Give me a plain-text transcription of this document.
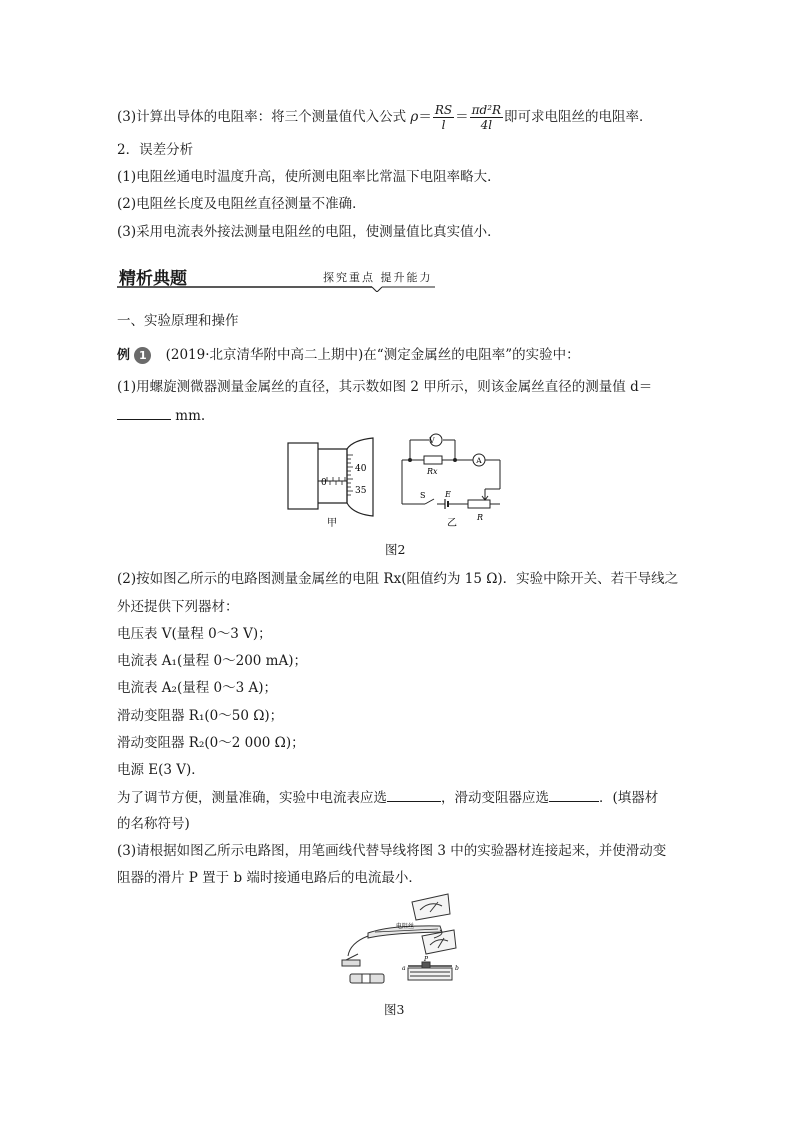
(3)计算出导体的电阻率：将三个测量值代入公式 $\rho= \frac{RS}{l} = \frac{\text{πd²R}}{4l}$ 即可求电阻丝的电阻率．
2．误差分析
(1)电阻丝通电时温度升高，使所测电阻率比常温下电阻率略大．
(2)电阻丝长度及电阻丝直径测量不准确．
(3)采用电流表外接法测量电阻丝的电阻，使测量值比真实值小．
精析典题	探究重点 提升能力
一、实验原理和操作
例 1 (2019·北京清华附中高二上期中)在“测定金属丝的电阻率”的实验中：
(1)用螺旋测微器测量金属丝的直径，其示数如图 2 甲所示，则该金属丝直径的测量值 d＝
mm.
40
0
35
甲
V
Rx
A
S E
R
乙
图2
(2)按如图乙所示的电路图测量金属丝的电阻 Rx(阻值约为 15 Ω)．实验中除开关、若干导线之
外还提供下列器材：
电压表 V(量程 0～3 V)；
电流表 A₁(量程 0～200 mA)；
电流表 A₂(量程 0～3 A)；
滑动变阻器 R₁(0～50 Ω)；
滑动变阻器 R₂(0～2 000 Ω)；
电源 E(3 V)．
为了调节方便，测量准确，实验中电流表应选	，滑动变阻器应选	．(填器材
的名称符号)
(3)请根据如图乙所示电路图，用笔画线代替导线将图 3 中的实验器材连接起来，并使滑动变
阻器的滑片 P 置于 b 端时接通电路后的电流最小．
电阻丝
a
P
b
图3
